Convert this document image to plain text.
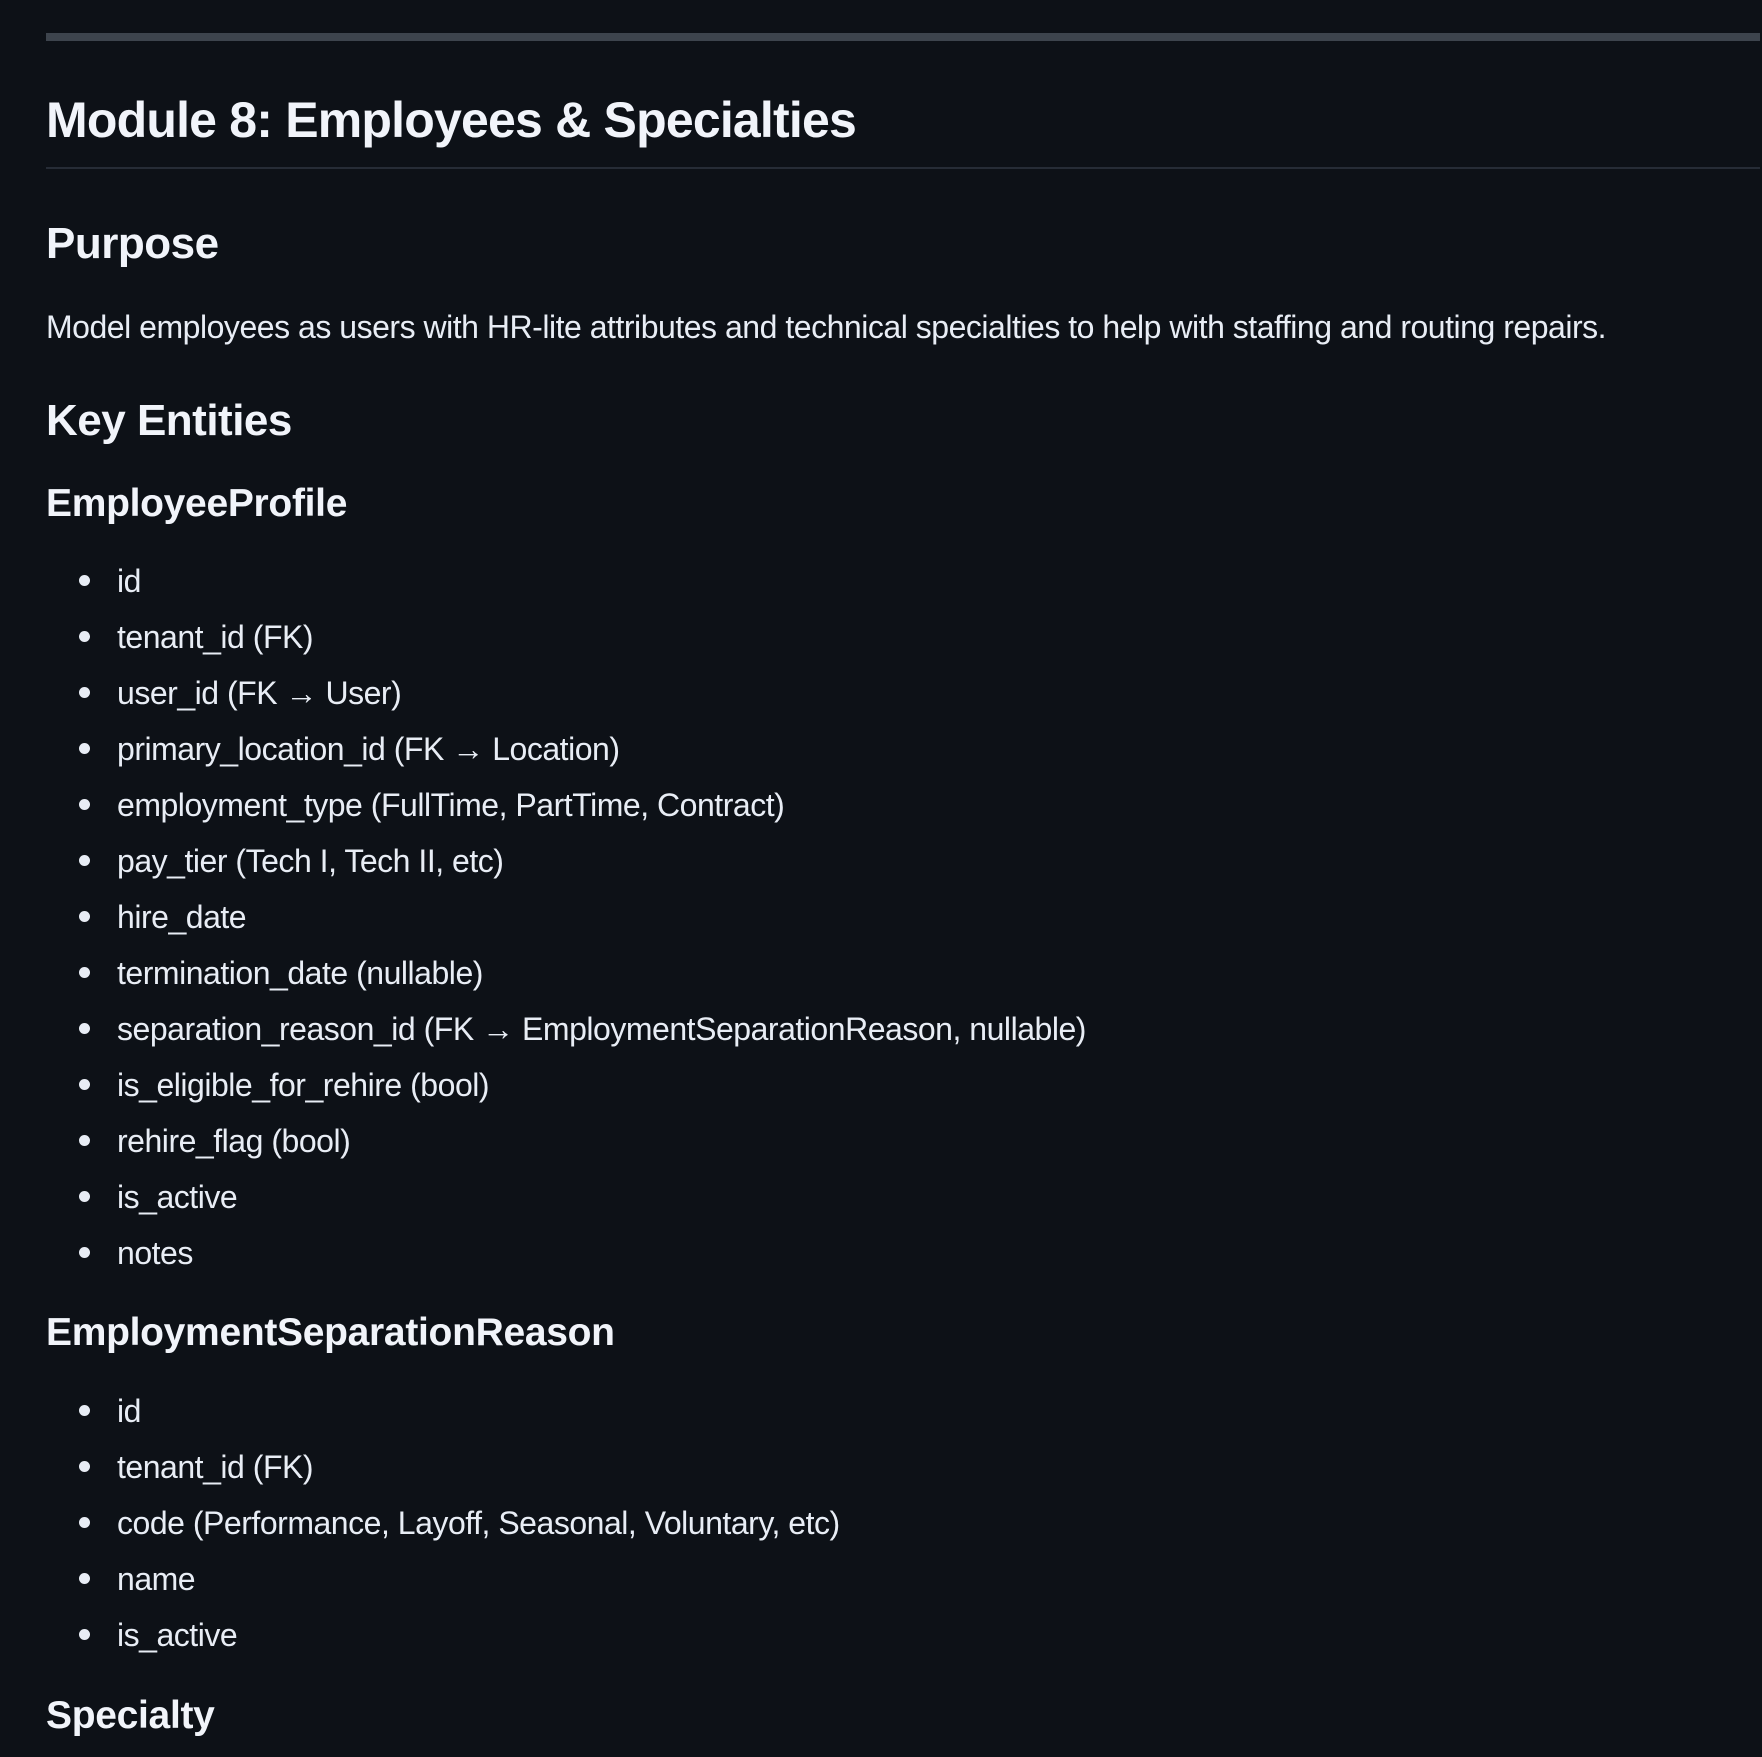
Module 8: Employees & Specialties
Purpose

Model employees as users with HR-lite attributes and technical specialties to help with staffing and routing repairs.

Key Entities
EmployeeProfile
id
tenant_id (FK)
user_id (FK → User)
primary_location_id (FK → Location)
employment_type (FullTime, PartTime, Contract)
pay_tier (Tech I, Tech II, etc)
hire_date
termination_date (nullable)
separation_reason_id (FK → EmploymentSeparationReason, nullable)
is_eligible_for_rehire (bool)
rehire_flag (bool)
is_active
notes
EmploymentSeparationReason
id
tenant_id (FK)
code (Performance, Layoff, Seasonal, Voluntary, etc)
name
is_active
Specialty
